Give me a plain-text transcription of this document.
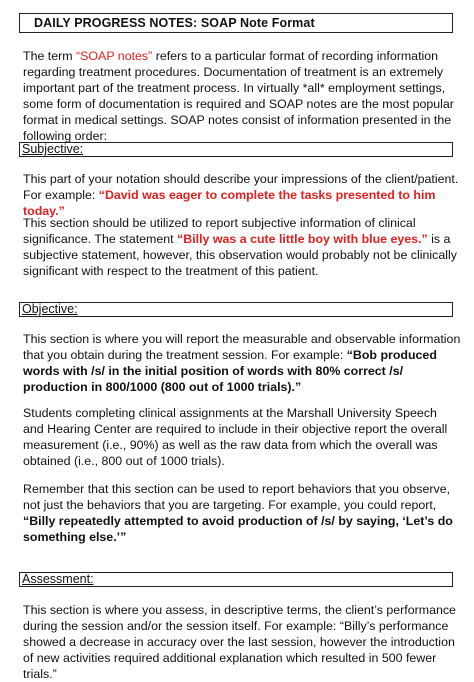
DAILY PROGRESS NOTES: SOAP Note Format

The term “SOAP notes” refers to a particular format of recording information regarding treatment procedures. Documentation of treatment is an extremely important part of the treatment process. In virtually *all* employment settings, some form of documentation is required and SOAP notes are the most popular format in medical settings. SOAP notes consist of information presented in the following order:

Subjective:

This part of your notation should describe your impressions of the client/patient. For example: “David was eager to complete the tasks presented to him today.”

This section should be utilized to report subjective information of clinical significance. The statement “Billy was a cute little boy with blue eyes.” is a subjective statement, however, this observation would probably not be clinically significant with respect to the treatment of this patient.

Objective:

This section is where you will report the measurable and observable information that you obtain during the treatment session. For example: “Bob produced words with /s/ in the initial position of words with 80% correct /s/ production in 800/1000 (800 out of 1000 trials).”

Students completing clinical assignments at the Marshall University Speech and Hearing Center are required to include in their objective report the overall measurement (i.e., 90%) as well as the raw data from which the overall was obtained (i.e., 800 out of 1000 trials).

Remember that this section can be used to report behaviors that you observe, not just the behaviors that you are targeting. For example, you could report, “Billy repeatedly attempted to avoid production of /s/ by saying, ‘Let’s do something else.’”

Assessment:

This section is where you assess, in descriptive terms, the client’s performance during the session and/or the session itself. For example: “Billy’s performance showed a decrease in accuracy over the last session, however the introduction of new activities required additional explanation which resulted in 500 fewer trials.”
